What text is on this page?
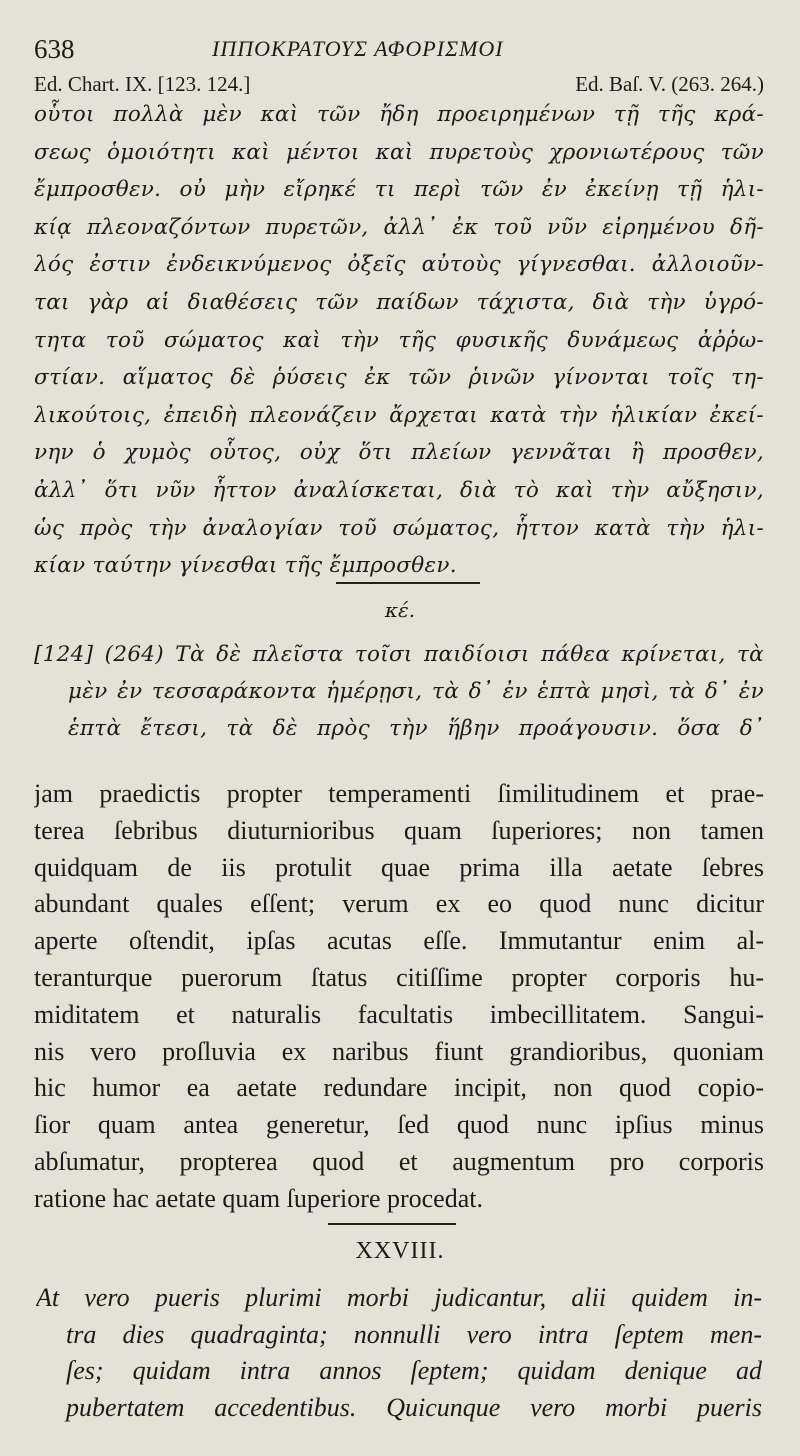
638	ΙΠΠΟΚΡΑΤΟΥΣ ΑΦΟΡΙΣΜΟΙ
Ed. Chart. IX. [123. 124.]	Ed. Baſ. V. (263. 264.)
οὗτοι πολλὰ μὲν καὶ τῶν ἤδη προειρημένων τῇ τῆς κρά-
σεως ὁμοιότητι καὶ μέντοι καὶ πυρετοὺς χρονιωτέρους τῶν
ἔμπροσθεν. οὐ μὴν εἴρηκέ τι περὶ τῶν ἐν ἐκείνῃ τῇ ἡλι-
κίᾳ πλεοναζόντων πυρετῶν, ἀλλ᾽ ἐκ τοῦ νῦν εἰρημένου δῆ-
λός ἐστιν ἐνδεικνύμενος ὀξεῖς αὐτοὺς γίγνεσθαι. ἀλλοιοῦν-
ται γὰρ αἱ διαθέσεις τῶν παίδων τάχιστα, διὰ τὴν ὑγρό-
τητα τοῦ σώματος καὶ τὴν τῆς φυσικῆς δυνάμεως ἀῤῥω-
στίαν. αἵματος δὲ ῥύσεις ἐκ τῶν ῥινῶν γίνονται τοῖς τη-
λικούτοις, ἐπειδὴ πλεονάζειν ἄρχεται κατὰ τὴν ἡλικίαν ἐκεί-
νην ὁ χυμὸς οὗτος, οὐχ ὅτι πλείων γεννᾶται ἢ προσθεν,
ἀλλ᾽ ὅτι νῦν ἧττον ἀναλίσκεται, διὰ τὸ καὶ τὴν αὔξησιν,
ὡς πρὸς τὴν ἀναλογίαν τοῦ σώματος, ἧττον κατὰ τὴν ἡλι-
κίαν ταύτην γίνεσθαι τῆς ἔμπροσθεν.
κέ.
[124] (264) Τὰ δὲ πλεῖστα τοῖσι παιδίοισι πάθεα κρίνεται, τὰ
μὲν ἐν τεσσαράκοντα ἡμέρῃσι, τὰ δ᾽ ἐν ἑπτὰ μησὶ, τὰ δ᾽ ἐν
ἑπτὰ ἔτεσι, τὰ δὲ πρὸς τὴν ἥβην προάγουσιν. ὅσα δ᾽
jam praedictis propter temperamenti ſimilitudinem et prae-
terea ſebribus diuturnioribus quam ſuperiores; non tamen
quidquam de iis protulit quae prima illa aetate ſebres
abundant quales eſſent; verum ex eo quod nunc dicitur
aperte oſtendit, ipſas acutas eſſe. Immutantur enim al-
teranturque puerorum ſtatus citiſſime propter corporis hu-
miditatem et naturalis facultatis imbecillitatem. Sangui-
nis vero proſluvia ex naribus fiunt grandioribus, quoniam
hic humor ea aetate redundare incipit, non quod copio-
ſior quam antea generetur, ſed quod nunc ipſius minus
abſumatur, propterea quod et augmentum pro corporis
ratione hac aetate quam ſuperiore procedat.
XXVIII.
At vero pueris plurimi morbi judicantur, alii quidem in-
tra dies quadraginta; nonnulli vero intra ſeptem men-
ſes; quidam intra annos ſeptem; quidam denique ad
pubertatem accedentibus. Quicunque vero morbi pueris
